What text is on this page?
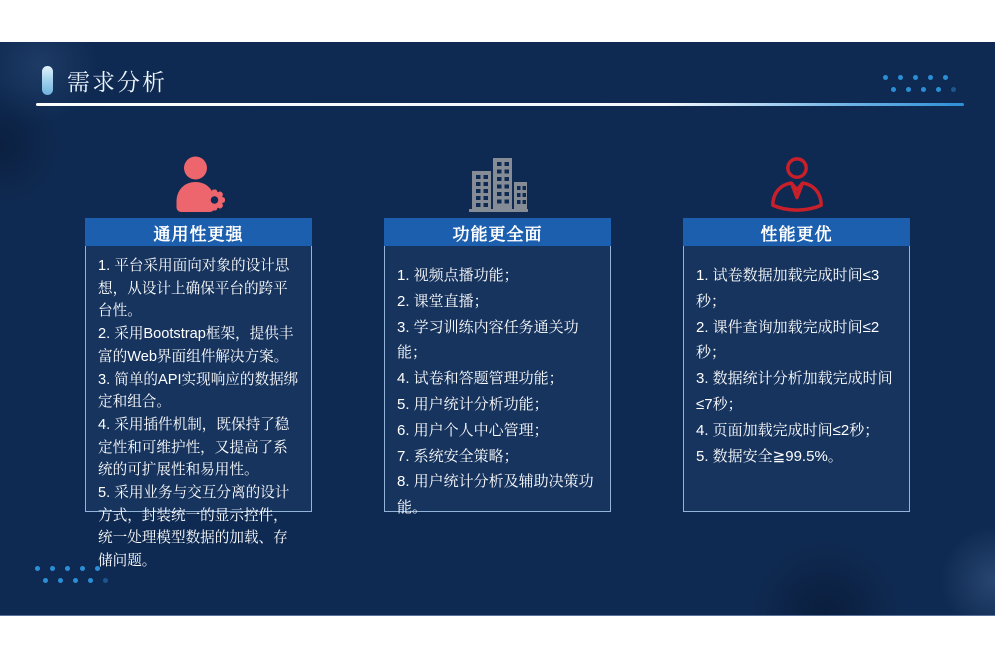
需求分析
通用性更强

1. 平台采用面向对象的设计思想，从设计上确保平台的跨平台性。

2. 采用Bootstrap框架，提供丰富的Web界面组件解决方案。

3. 简单的API实现响应的数据绑定和组合。

4. 采用插件机制，既保持了稳定性和可维护性，又提高了系统的可扩展性和易用性。

5. 采用业务与交互分离的设计方式，封装统一的显示控件，统一处理模型数据的加载、存储问题。

功能更全面

1. 视频点播功能；

2. 课堂直播；

3. 学习训练内容任务通关功能；

4. 试卷和答题管理功能；

5. 用户统计分析功能；

6. 用户个人中心管理；

7. 系统安全策略；

8. 用户统计分析及辅助决策功能。

性能更优

1. 试卷数据加载完成时间≤3秒；

2. 课件查询加载完成时间≤2秒；

3. 数据统计分析加载完成时间≤7秒；

4. 页面加载完成时间≤2秒；

5. 数据安全≧99.5%。
